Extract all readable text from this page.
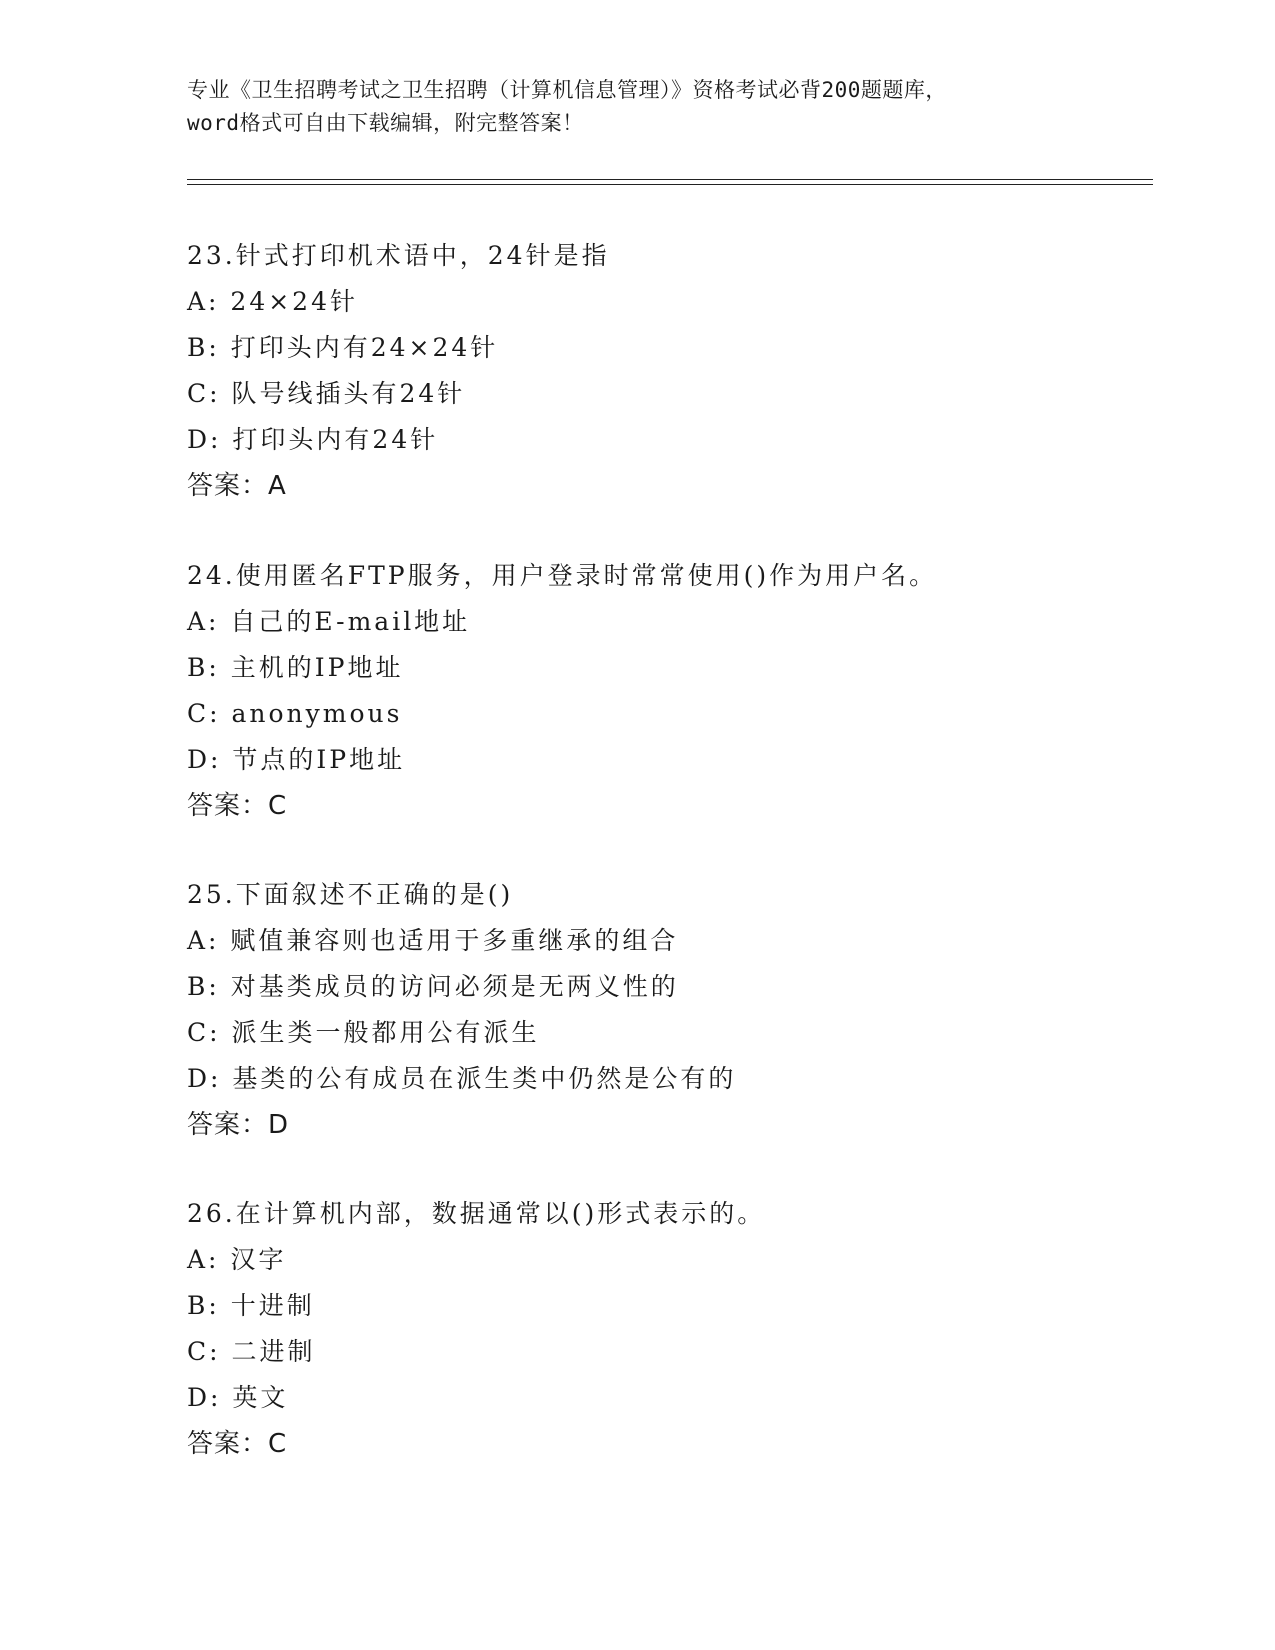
专业《卫生招聘考试之卫生招聘（计算机信息管理）》资格考试必背200题题库，
word格式可自由下载编辑，附完整答案！
23.针式打印机术语中，24针是指
A: 24×24针
B: 打印头内有24×24针
C: 队号线插头有24针
D: 打印头内有24针
答案：A
24.使用匿名FTP服务，用户登录时常常使用()作为用户名。
A: 自己的E-mail地址
B: 主机的IP地址
C: anonymous
D: 节点的IP地址
答案：C
25.下面叙述不正确的是()
A: 赋值兼容则也适用于多重继承的组合
B: 对基类成员的访问必须是无两义性的
C: 派生类一般都用公有派生
D: 基类的公有成员在派生类中仍然是公有的
答案：D
26.在计算机内部，数据通常以()形式表示的。
A: 汉字
B: 十进制
C: 二进制
D: 英文
答案：C
